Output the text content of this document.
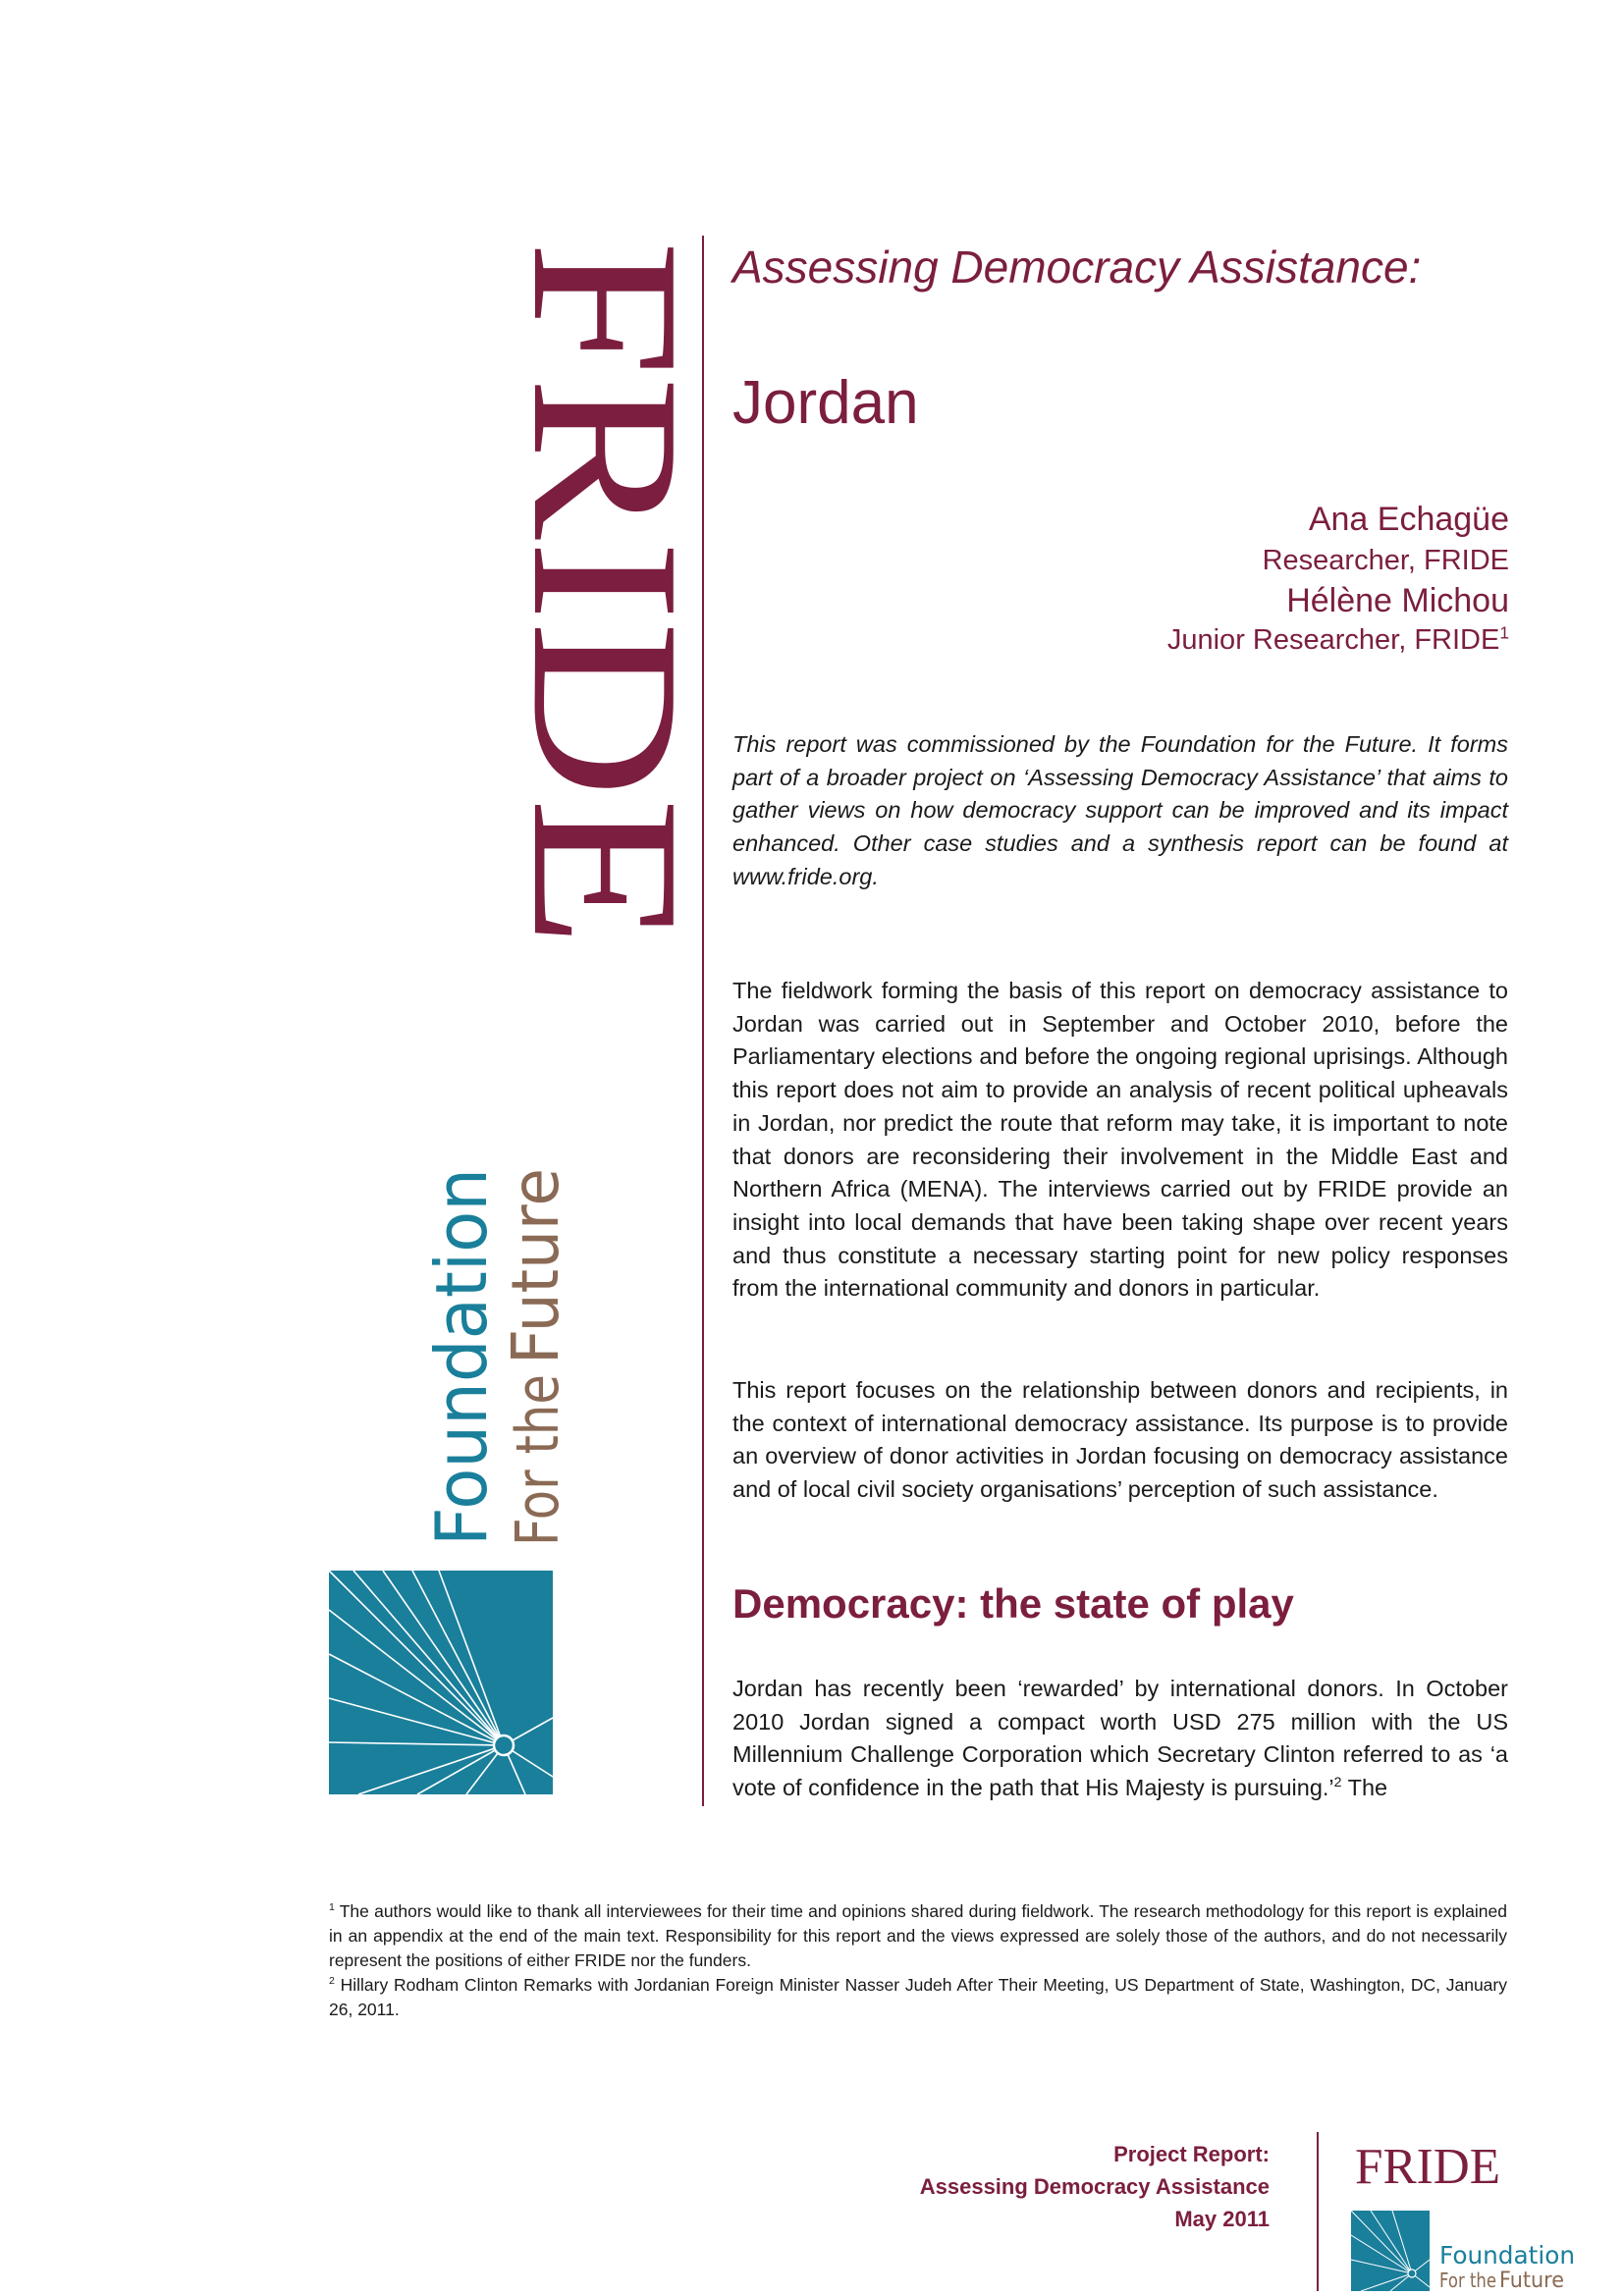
FRIDE
Foundation For the
Future
Assessing Democracy Assistance:
Jordan
Ana Echagüe
Researcher, FRIDE
Hélène Michou
Junior Researcher, FRIDE$^1$
This report was commissioned by the Foundation for the Future. It forms part of a broader project on ‘Assessing Democracy Assistance’ that aims to gather views on how democracy support can be improved and its impact enhanced. Other case studies and a synthesis report can be found at www.fride.org.
The fieldwork forming the basis of this report on democracy assistance to Jordan was carried out in September and October 2010, before the Parliamentary elections and before the ongoing regional uprisings. Although this report does not aim to provide an analysis of recent political upheavals in Jordan, nor predict the route that reform may take, it is important to note that donors are reconsidering their involvement in the Middle East and Northern Africa (MENA). The interviews carried out by FRIDE provide an insight into local demands that have been taking shape over recent years and thus constitute a necessary starting point for new policy responses from the international community and donors in particular.
This report focuses on the relationship between donors and recipients, in the context of international democracy assistance. Its purpose is to provide an overview of donor activities in Jordan focusing on democracy assistance and of local civil society organisations’ perception of such assistance.
Democracy: the state of play
Jordan has recently been ‘rewarded’ by international donors. In October 2010 Jordan signed a compact worth USD 275 million with the US Millennium Challenge Corporation which Secretary Clinton referred to as ‘a vote of confidence in the path that His Majesty is pursuing.’$^2$ The

$^1$ The authors would like to thank all interviewees for their time and opinions shared during fieldwork. The research methodology for this report is explained in an appendix at the end of the main text. Responsibility for this report and the views expressed are solely those of the authors, and do not necessarily represent the positions of either FRIDE nor the funders.

$^2$ Hillary Rodham Clinton Remarks with Jordanian Foreign Minister Nasser Judeh After Their Meeting, US Department of State, Washington, DC, January 26, 2011.

Project Report:
Assessing Democracy Assistance
May 2011
FRIDE
Foundation
For the Future
